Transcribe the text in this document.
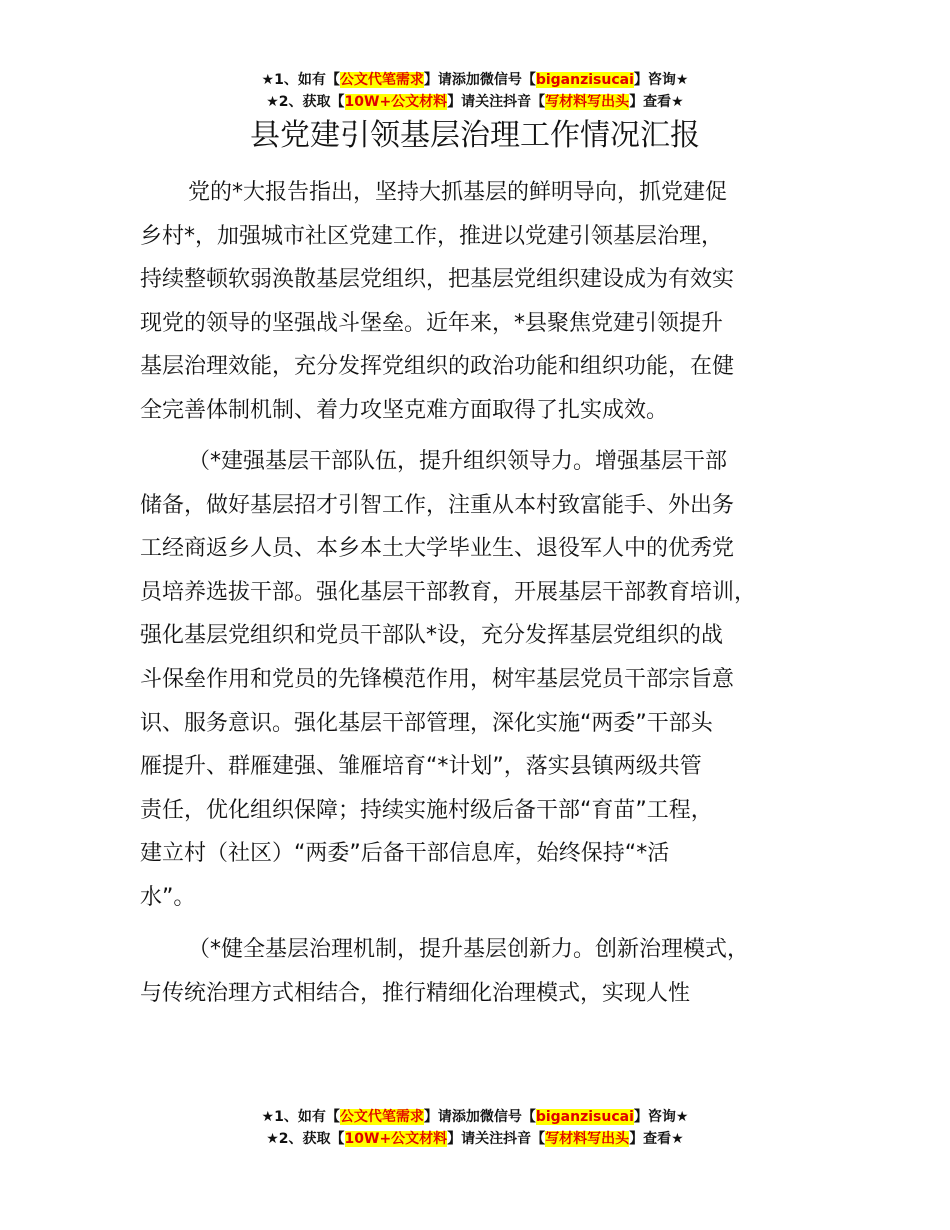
★1、如有【公文代笔需求】请添加微信号【biganzisucai】咨询★
★2、获取【10W+公文材料】请关注抖音【写材料写出头】查看★
县党建引领基层治理工作情况汇报
党的*大报告指出，坚持大抓基层的鲜明导向，抓党建促
乡村*，加强城市社区党建工作，推进以党建引领基层治理，
持续整顿软弱涣散基层党组织，把基层党组织建设成为有效实
现党的领导的坚强战斗堡垒。近年来，*县聚焦党建引领提升
基层治理效能，充分发挥党组织的政治功能和组织功能，在健
全完善体制机制、着力攻坚克难方面取得了扎实成效。
（*建强基层干部队伍，提升组织领导力。增强基层干部
储备，做好基层招才引智工作，注重从本村致富能手、外出务
工经商返乡人员、本乡本土大学毕业生、退役军人中的优秀党
员培养选拔干部。强化基层干部教育，开展基层干部教育培训，
强化基层党组织和党员干部队*设，充分发挥基层党组织的战
斗保垒作用和党员的先锋模范作用，树牢基层党员干部宗旨意
识、服务意识。强化基层干部管理，深化实施“两委”干部头
雁提升、群雁建强、雏雁培育“*计划”，落实县镇两级共管
责任，优化组织保障；持续实施村级后备干部“育苗”工程，
建立村（社区）“两委”后备干部信息库，始终保持“*活
水”。
（*健全基层治理机制，提升基层创新力。创新治理模式，
与传统治理方式相结合，推行精细化治理模式，实现人性
★1、如有【公文代笔需求】请添加微信号【biganzisucai】咨询★
★2、获取【10W+公文材料】请关注抖音【写材料写出头】查看★
